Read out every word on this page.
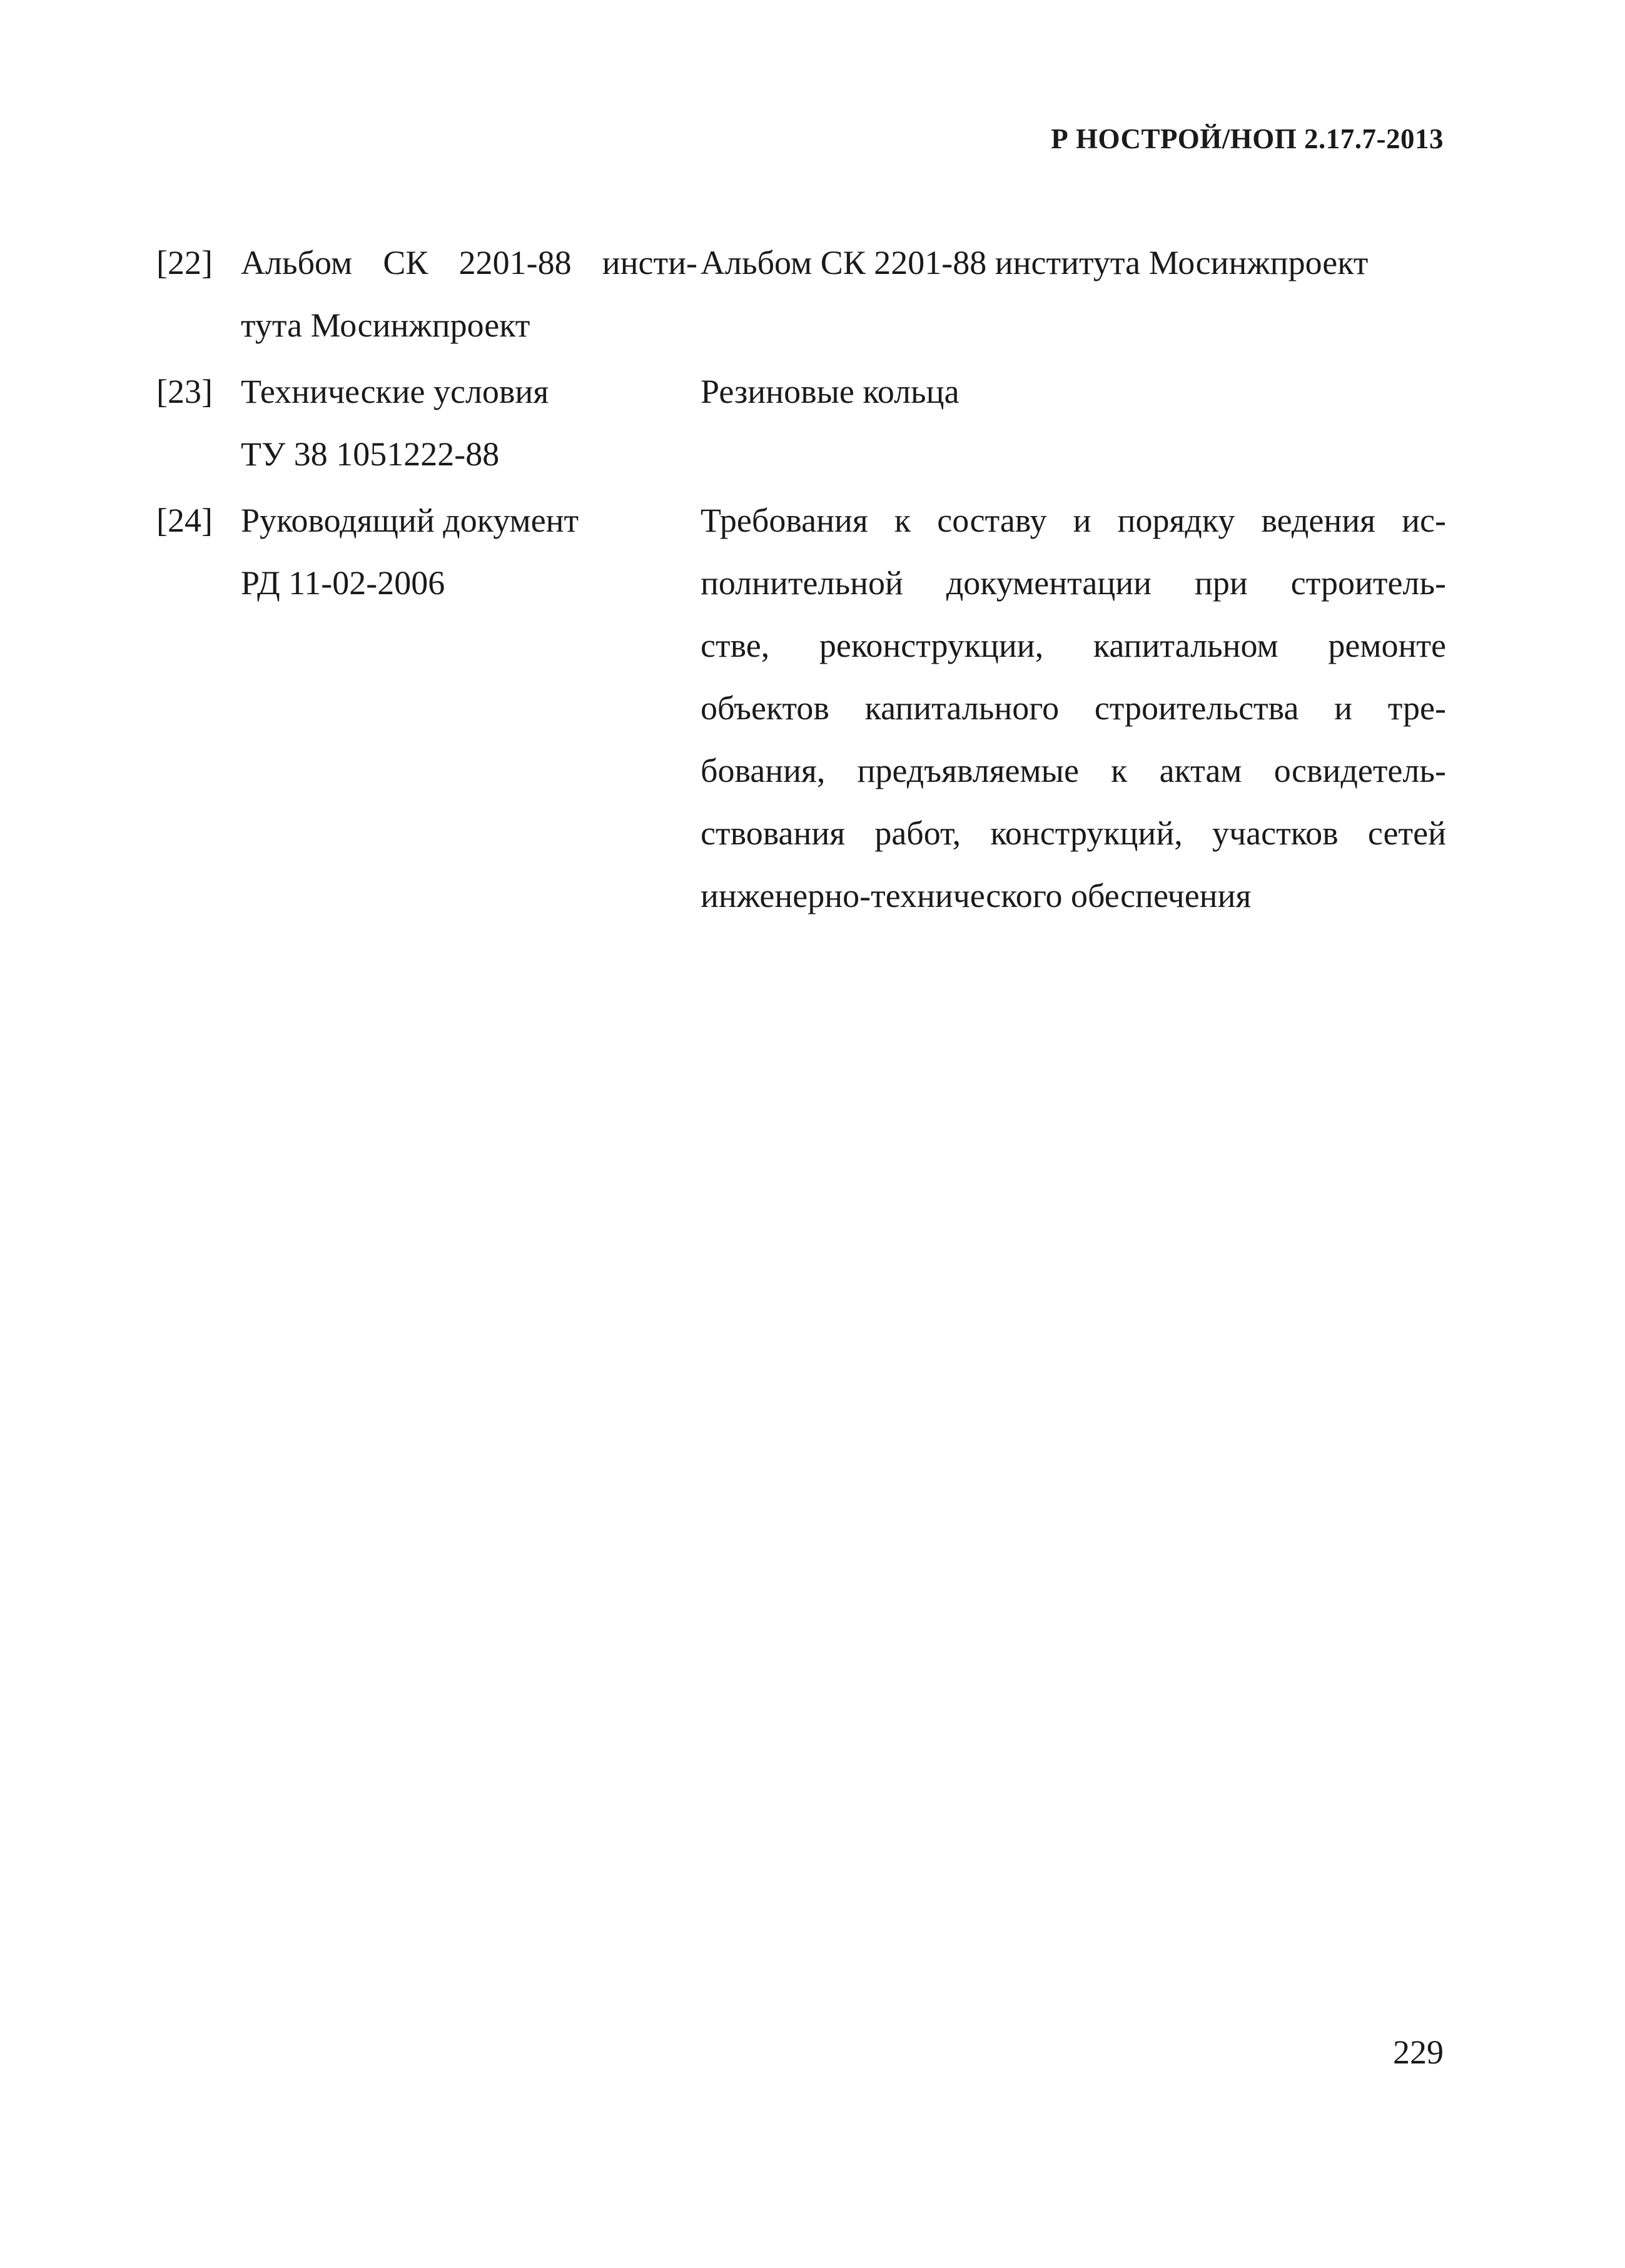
Р НОСТРОЙ/НОП 2.17.7-2013
[22] Альбом СК 2201-88 инсти-
тута Мосинжпроект
Альбом СК 2201-88 института Мосинжпроект
[23] Технические условия
ТУ 38 1051222-88
Резиновые кольца
[24] Руководящий документ
РД 11-02-2006
Требования к составу и порядку ведения ис-
полнительной документации при строитель-
стве, реконструкции, капитальном ремонте
объектов капитального строительства и тре-
бования, предъявляемые к актам освидетель-
ствования работ, конструкций, участков сетей
инженерно-технического обеспечения
229
